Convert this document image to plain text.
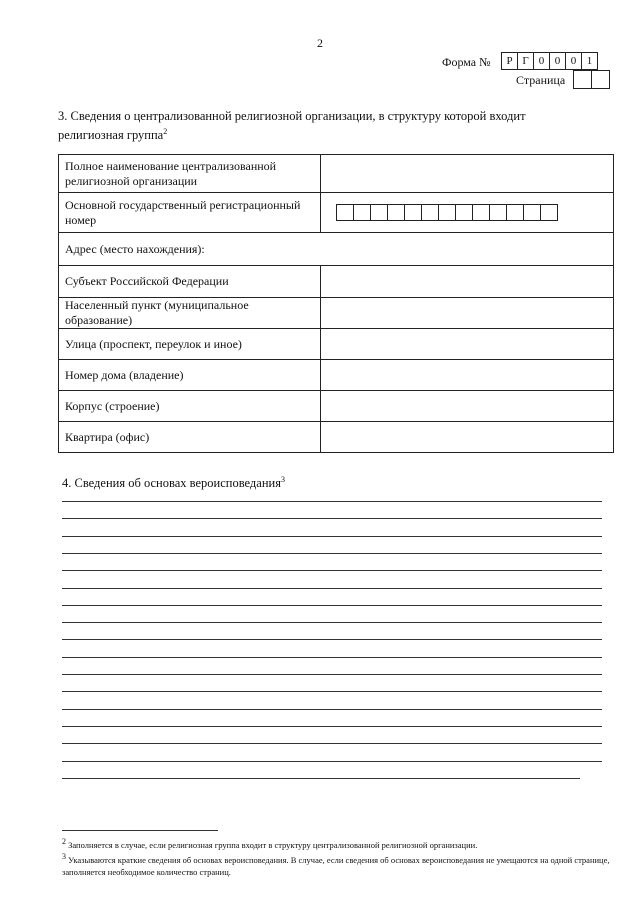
2
Форма №	Р Г 0 0 0 1
Страница
3. Сведения о централизованной религиозной организации, в структуру которой входит религиозная группа$^2$
Полное наименование централизованной религиозной организации	
Основной государственный регистрационный номер	

Адрес (место нахождения):	
Субъект Российской Федерации	
Населенный пункт (муниципальное образование)	
Улица (проспект, переулок и иное)	
Номер дома (владение)	
Корпус (строение)	
Квартира (офис)	
4. Сведения об основах вероисповедания$^3$
$^2$ Заполняется в случае, если религиозная группа входит в структуру централизованной религиозной организации.
$^3$ Указываются краткие сведения об основах вероисповедания. В случае, если сведения об основах вероисповедания не умещаются на одной странице, заполняется необходимое количество страниц.
